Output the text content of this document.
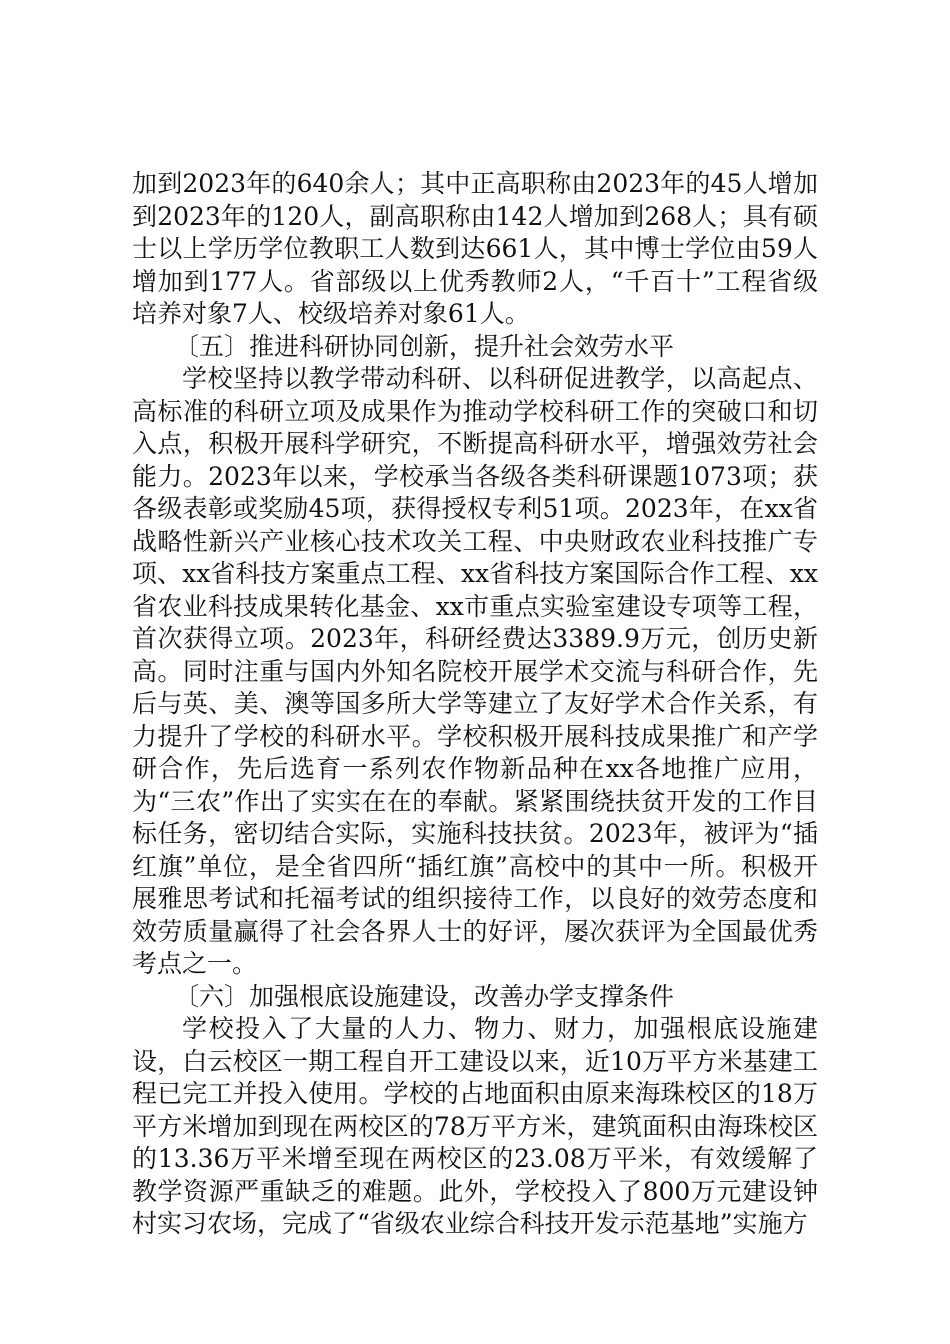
加到2023年的640余人；其中正高职称由2023年的45人增加到2023年的120人，副高职称由142人增加到268人；具有硕士以上学历学位教职工人数到达661人，其中博士学位由59人增加到177人。省部级以上优秀教师2人，“千百十”工程省级培养对象7人、校级培养对象61人。

〔五〕推进科研协同创新，提升社会效劳水平

学校坚持以教学带动科研、以科研促进教学，以高起点、高标准的科研立项及成果作为推动学校科研工作的突破口和切入点，积极开展科学研究，不断提高科研水平，增强效劳社会能力。2023年以来，学校承当各级各类科研课题1073项；获各级表彰或奖励45项，获得授权专利51项。2023年，在xx省战略性新兴产业核心技术攻关工程、中央财政农业科技推广专项、xx省科技方案重点工程、xx省科技方案国际合作工程、xx省农业科技成果转化基金、xx市重点实验室建设专项等工程，首次获得立项。2023年，科研经费达3389.9万元，创历史新高。同时注重与国内外知名院校开展学术交流与科研合作，先后与英、美、澳等国多所大学等建立了友好学术合作关系，有力提升了学校的科研水平。学校积极开展科技成果推广和产学研合作，先后选育一系列农作物新品种在xx各地推广应用，为“三农”作出了实实在在的奉献。紧紧围绕扶贫开发的工作目标任务，密切结合实际，实施科技扶贫。2023年，被评为“插红旗”单位，是全省四所“插红旗”高校中的其中一所。积极开展雅思考试和托福考试的组织接待工作，以良好的效劳态度和效劳质量赢得了社会各界人士的好评，屡次获评为全国最优秀考点之一。

〔六〕加强根底设施建设，改善办学支撑条件

学校投入了大量的人力、物力、财力，加强根底设施建设，白云校区一期工程自开工建设以来，近10万平方米基建工程已完工并投入使用。学校的占地面积由原来海珠校区的18万平方米增加到现在两校区的78万平方米，建筑面积由海珠校区的13.36万平米增至现在两校区的23.08万平米，有效缓解了教学资源严重缺乏的难题。此外，学校投入了800万元建设钟村实习农场，完成了“省级农业综合科技开发示范基地”实施方
